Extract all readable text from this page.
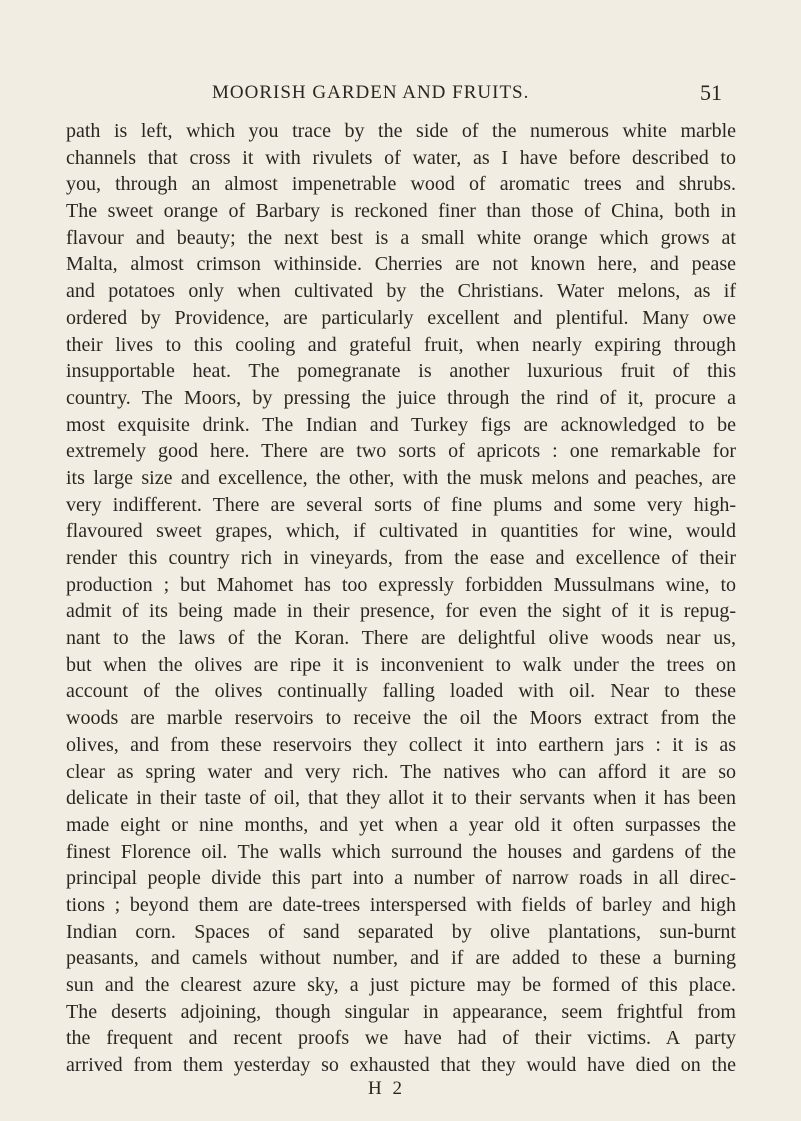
MOORISH GARDEN AND FRUITS.	51
path is left, which you trace by the side of the numerous white marble
channels that cross it with rivulets of water, as I have before described to
you, through an almost impenetrable wood of aromatic trees and shrubs.
The sweet orange of Barbary is reckoned finer than those of China, both in
flavour and beauty; the next best is a small white orange which grows at
Malta, almost crimson withinside. Cherries are not known here, and pease
and potatoes only when cultivated by the Christians. Water melons, as if
ordered by Providence, are particularly excellent and plentiful. Many owe
their lives to this cooling and grateful fruit, when nearly expiring through
insupportable heat. The pomegranate is another luxurious fruit of this
country. The Moors, by pressing the juice through the rind of it, procure a
most exquisite drink. The Indian and Turkey figs are acknowledged to be
extremely good here. There are two sorts of apricots : one remarkable for
its large size and excellence, the other, with the musk melons and peaches, are
very indifferent. There are several sorts of fine plums and some very high-
flavoured sweet grapes, which, if cultivated in quantities for wine, would
render this country rich in vineyards, from the ease and excellence of their
production ; but Mahomet has too expressly forbidden Mussulmans wine, to
admit of its being made in their presence, for even the sight of it is repug-
nant to the laws of the Koran. There are delightful olive woods near us,
but when the olives are ripe it is inconvenient to walk under the trees on
account of the olives continually falling loaded with oil. Near to these
woods are marble reservoirs to receive the oil the Moors extract from the
olives, and from these reservoirs they collect it into earthern jars : it is as
clear as spring water and very rich. The natives who can afford it are so
delicate in their taste of oil, that they allot it to their servants when it has been
made eight or nine months, and yet when a year old it often surpasses the
finest Florence oil. The walls which surround the houses and gardens of the
principal people divide this part into a number of narrow roads in all direc-
tions ; beyond them are date-trees interspersed with fields of barley and high
Indian corn. Spaces of sand separated by olive plantations, sun-burnt
peasants, and camels without number, and if are added to these a burning
sun and the clearest azure sky, a just picture may be formed of this place.
The deserts adjoining, though singular in appearance, seem frightful from
the frequent and recent proofs we have had of their victims. A party
arrived from them yesterday so exhausted that they would have died on the
H 2
